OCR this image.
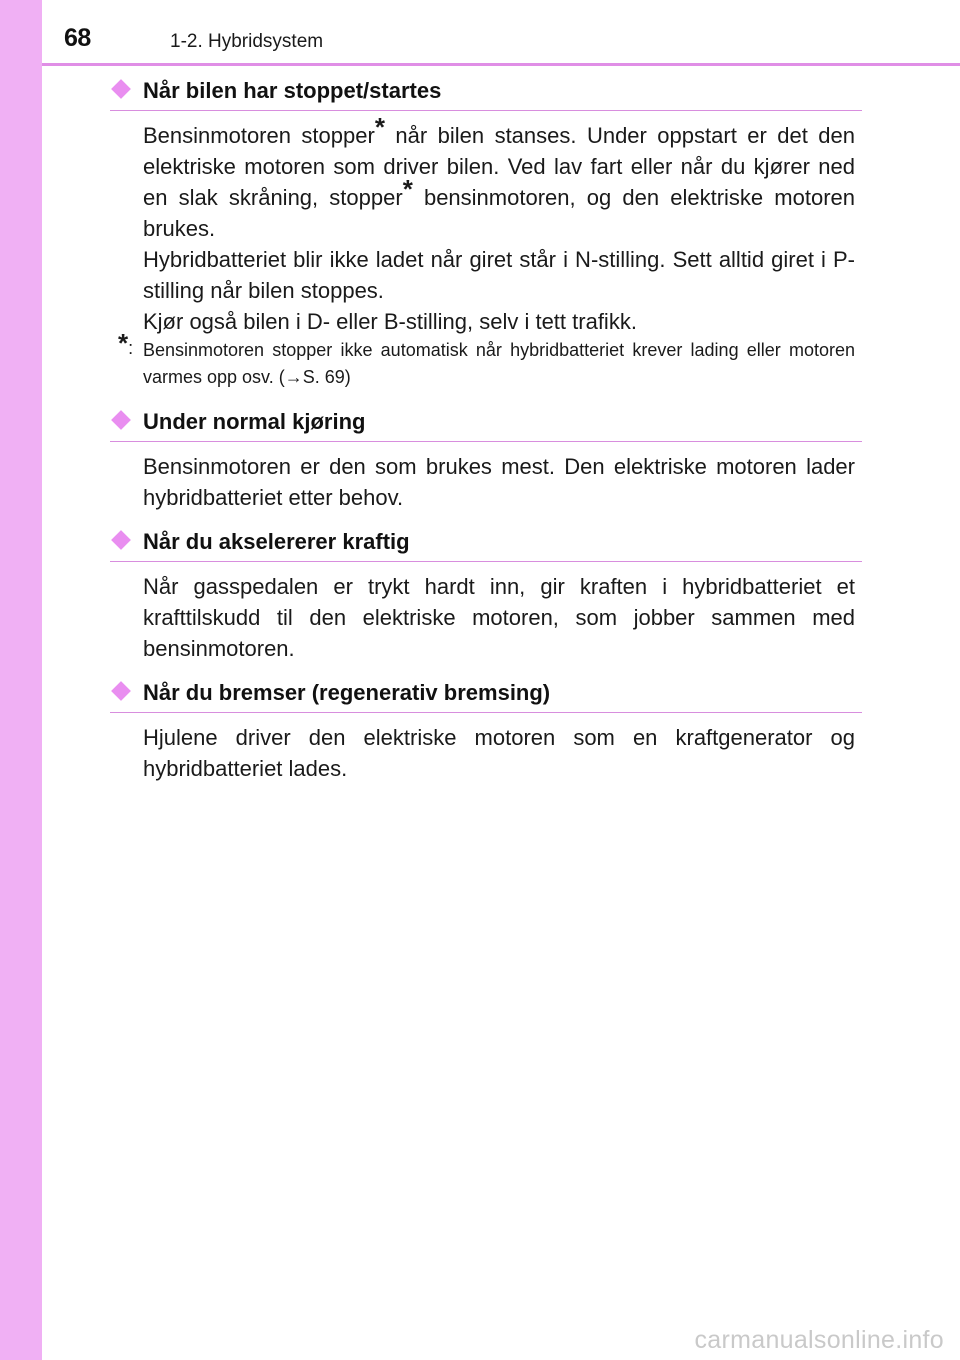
68	1-2. Hybridsystem
Når bilen har stoppet/startes

Bensinmotoren stopper* når bilen stanses. Under oppstart er det den elektriske motoren som driver bilen. Ved lav fart eller når du kjører ned en slak skråning, stopper* bensinmotoren, og den elektriske motoren brukes.

Hybridbatteriet blir ikke ladet når giret står i N-stilling. Sett alltid giret i P-stilling når bilen stoppes.

Kjør også bilen i D- eller B-stilling, selv i tett trafikk.

*: Bensinmotoren stopper ikke automatisk når hybridbatteriet krever lading eller motoren varmes opp osv. (→S. 69)
Under normal kjøring

Bensinmotoren er den som brukes mest. Den elektriske motoren lader hybridbatteriet etter behov.

Når du akselererer kraftig

Når gasspedalen er trykt hardt inn, gir kraften i hybridbatteriet et krafttilskudd til den elektriske motoren, som jobber sammen med bensinmotoren.

Når du bremser (regenerativ bremsing)

Hjulene driver den elektriske motoren som en kraftgenerator og hybridbatteriet lades.

carmanualsonline.info
